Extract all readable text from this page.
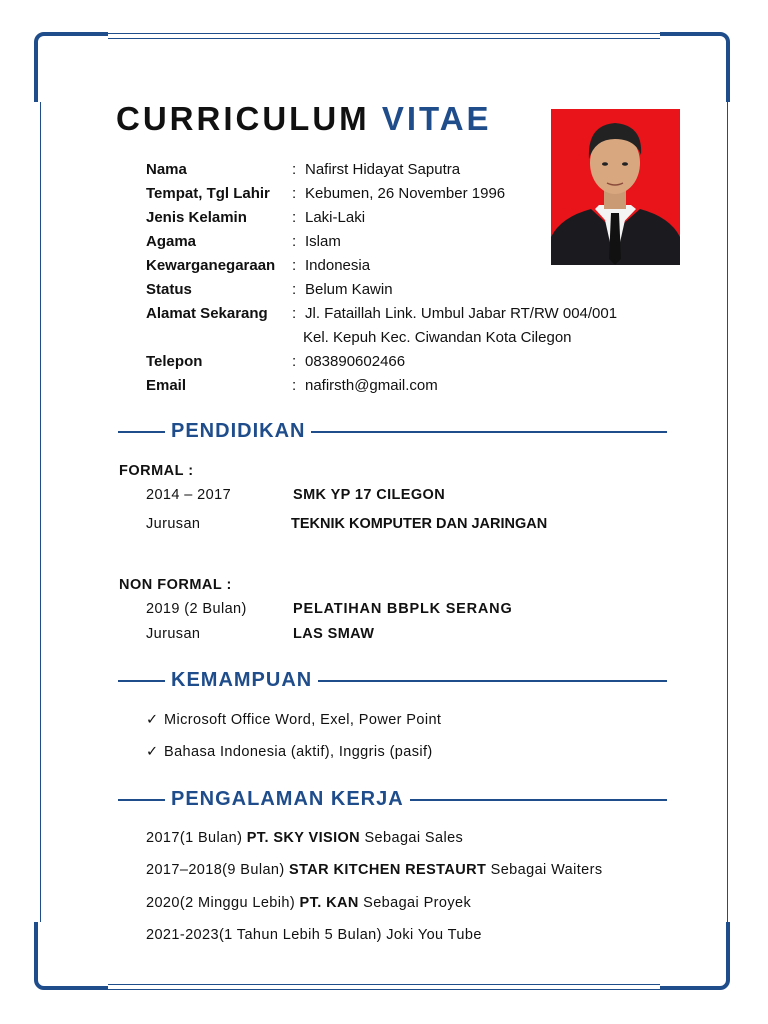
CURRICULUM VITAE
Nama	: Nafirst Hidayat Saputra
Tempat, Tgl Lahir : Kebumen, 26 November 1996
Jenis Kelamin	: Laki-Laki
Agama	: Islam
Kewarganegaraan : Indonesia
Status	: Belum Kawin
Alamat Sekarang : Jl. Fataillah Link. Umbul Jabar RT/RW 004/001
Kel. Kepuh Kec. Ciwandan Kota Cilegon
Telepon	: 083890602466
Email	: nafirsth@gmail.com
PENDIDIKAN
FORMAL :
2014 – 2017	SMK YP 17 CILEGON
Jurusan	TEKNIK KOMPUTER DAN JARINGAN
NON FORMAL :
2019 (2 Bulan)	PELATIHAN BBPLK SERANG
Jurusan	LAS SMAW
KEMAMPUAN
✓ Microsoft Office Word, Exel, Power Point
✓ Bahasa Indonesia (aktif), Inggris (pasif)
PENGALAMAN KERJA
2017(1 Bulan) PT. SKY VISION Sebagai Sales
2017–2018(9 Bulan) STAR KITCHEN RESTAURT Sebagai Waiters
2020(2 Minggu Lebih) PT. KAN Sebagai Proyek
2021-2023(1 Tahun Lebih 5 Bulan) Joki You Tube
